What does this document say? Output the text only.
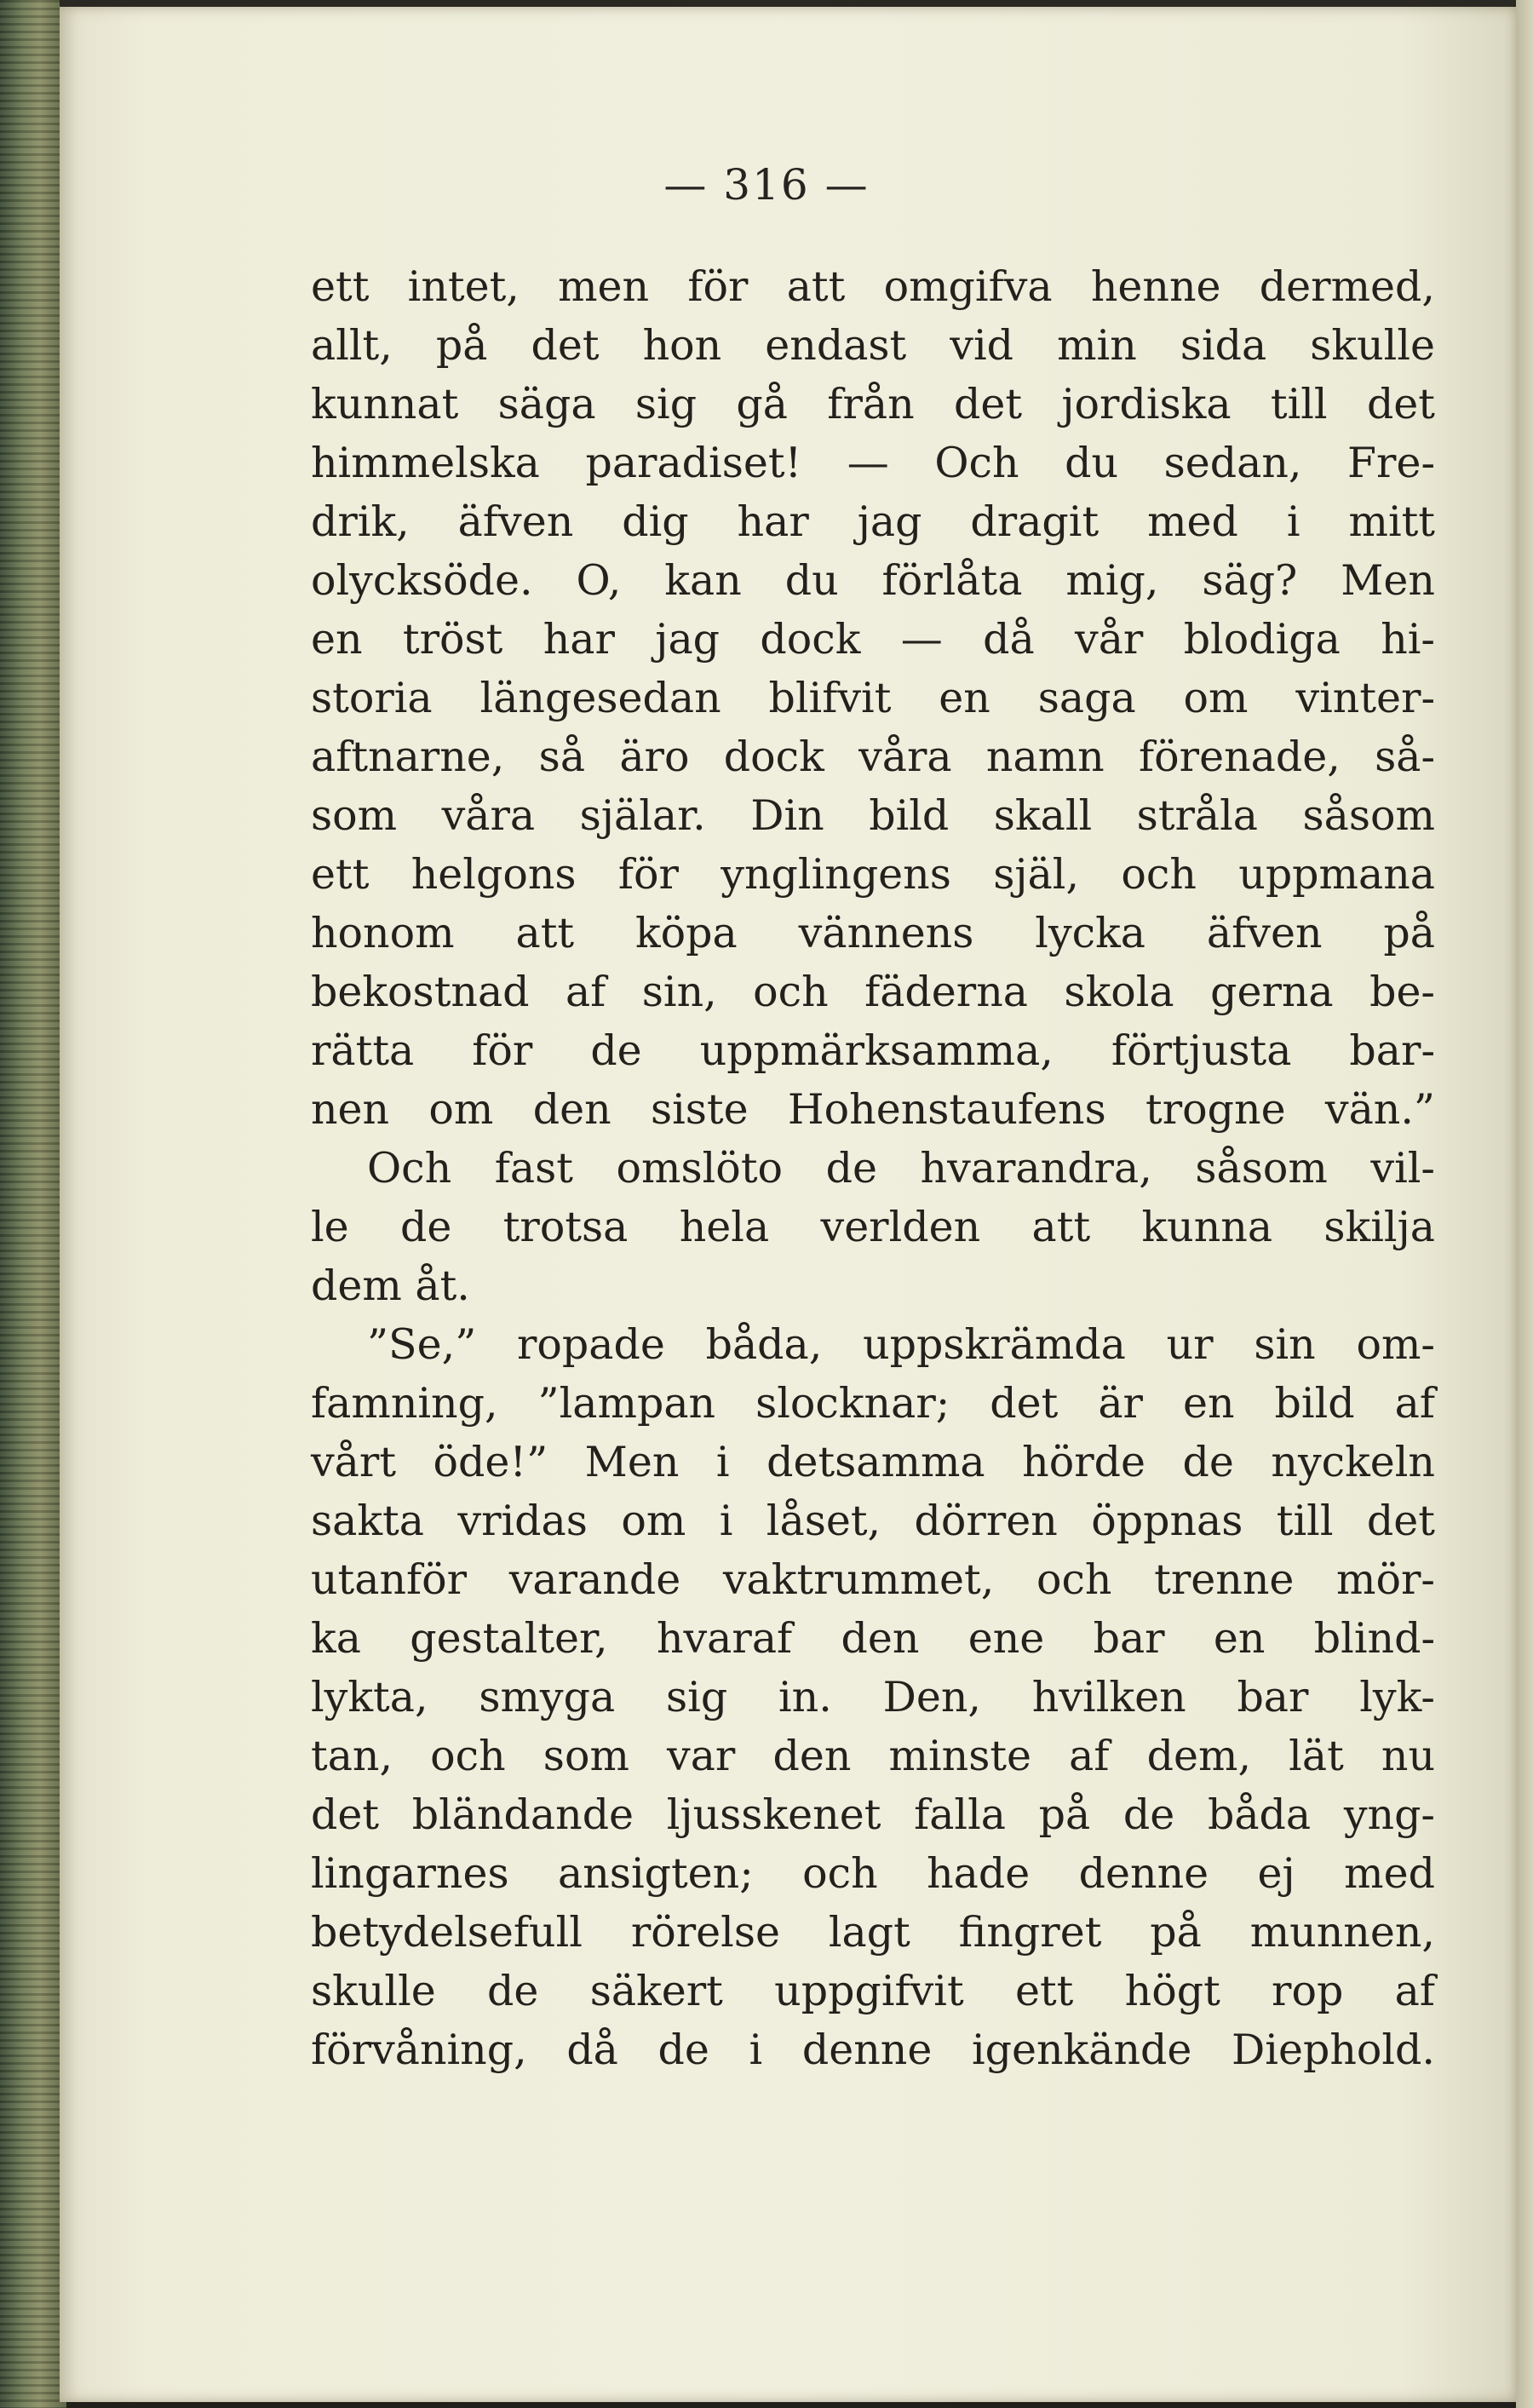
— 316 —
ett intet, men för att omgifva henne dermed,
allt, på det hon endast vid min sida skulle
kunnat säga sig gå från det jordiska till det
himmelska paradiset! — Och du sedan, Fre-
drik, äfven dig har jag dragit med i mitt
olycksöde. O, kan du förlåta mig, säg? Men
en tröst har jag dock — då vår blodiga hi-
storia längesedan blifvit en saga om vinter-
aftnarne, så äro dock våra namn förenade, så-
som våra själar. Din bild skall stråla såsom
ett helgons för ynglingens själ, och uppmana
honom att köpa vännens lycka äfven på
bekostnad af sin, och fäderna skola gerna be-
rätta för de uppmärksamma, förtjusta bar-
nen om den siste Hohenstaufens trogne vän.”
Och fast omslöto de hvarandra, såsom vil-
le de trotsa hela verlden att kunna skilja
dem åt.
”Se,” ropade båda, uppskrämda ur sin om-
famning, ”lampan slocknar; det är en bild af
vårt öde!” Men i detsamma hörde de nyckeln
sakta vridas om i låset, dörren öppnas till det
utanför varande vaktrummet, och trenne mör-
ka gestalter, hvaraf den ene bar en blind-
lykta, smyga sig in. Den, hvilken bar lyk-
tan, och som var den minste af dem, lät nu
det bländande ljusskenet falla på de båda yng-
lingarnes ansigten; och hade denne ej med
betydelsefull rörelse lagt fingret på munnen,
skulle de säkert uppgifvit ett högt rop af
förvåning, då de i denne igenkände Diephold.
